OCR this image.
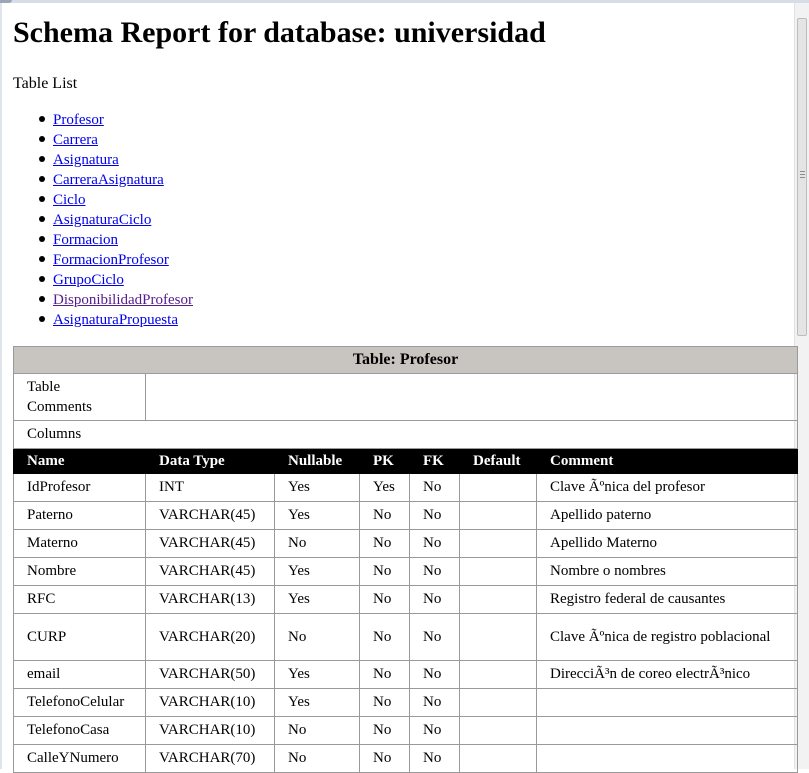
Schema Report for database: universidad
Table List
Profesor
Carrera
Asignatura
CarreraAsignatura
Ciclo
AsignaturaCiclo
Formacion
FormacionProfesor
GrupoCiclo
DisponibilidadProfesor
AsignaturaPropuesta
Table: Profesor						

Table Comments						

Columns						
Name	Data Type	Nullable	PK	FK	Default	Comment
IdProfesor	INT	Yes	Yes	No		Clave Ãºnica del profesor
Paterno	VARCHAR(45)	Yes	No	No		Apellido paterno
Materno	VARCHAR(45)	No	No	No		Apellido Materno
Nombre	VARCHAR(45)	Yes	No	No		Nombre o nombres
RFC	VARCHAR(13)	Yes	No	No		Registro federal de causantes
CURP	VARCHAR(20)	No	No	No		Clave Ãºnica de registro poblacional
email	VARCHAR(50)	Yes	No	No		DirecciÃ³n de coreo electrÃ³nico
TelefonoCelular	VARCHAR(10)	Yes	No	No		
TelefonoCasa	VARCHAR(10)	No	No	No		
CalleYNumero	VARCHAR(70)	No	No	No		
